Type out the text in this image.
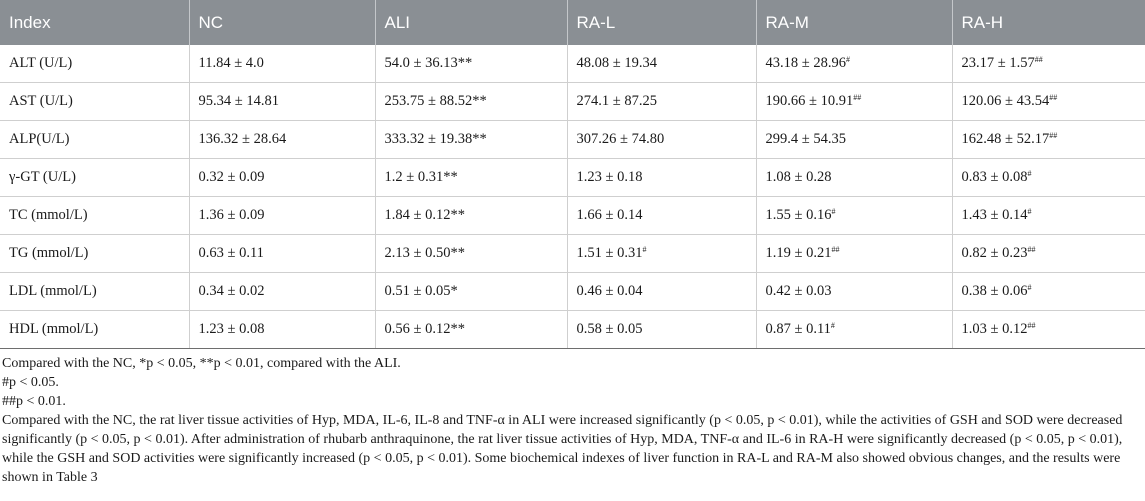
Index	NC	ALI	RA-L	RA-M	RA-H
ALT (U/L)	11.84 ± 4.0	54.0 ± 36.13**	48.08 ± 19.34	43.18 ± 28.96#	23.17 ± 1.57##
AST (U/L)	95.34 ± 14.81	253.75 ± 88.52**	274.1 ± 87.25	190.66 ± 10.91##	120.06 ± 43.54##
ALP(U/L)	136.32 ± 28.64	333.32 ± 19.38**	307.26 ± 74.80	299.4 ± 54.35	162.48 ± 52.17##
γ-GT (U/L)	0.32 ± 0.09	1.2 ± 0.31**	1.23 ± 0.18	1.08 ± 0.28	0.83 ± 0.08#
TC (mmol/L)	1.36 ± 0.09	1.84 ± 0.12**	1.66 ± 0.14	1.55 ± 0.16#	1.43 ± 0.14#
TG (mmol/L)	0.63 ± 0.11	2.13 ± 0.50**	1.51 ± 0.31#	1.19 ± 0.21##	0.82 ± 0.23##
LDL (mmol/L)	0.34 ± 0.02	0.51 ± 0.05*	0.46 ± 0.04	0.42 ± 0.03	0.38 ± 0.06#
HDL (mmol/L)	1.23 ± 0.08	0.56 ± 0.12**	0.58 ± 0.05	0.87 ± 0.11#	1.03 ± 0.12##

Compared with the NC, *p < 0.05, **p < 0.01, compared with the ALI.

#p < 0.05.

##p < 0.01.

Compared with the NC, the rat liver tissue activities of Hyp, MDA, IL-6, IL-8 and TNF-α in ALI were increased significantly (p < 0.05, p < 0.01), while the activities of GSH and SOD were decreased significantly (p < 0.05, p < 0.01). After administration of rhubarb anthraquinone, the rat liver tissue activities of Hyp, MDA, TNF-α and IL-6 in RA-H were significantly decreased (p < 0.05, p < 0.01), while the GSH and SOD activities were significantly increased (p < 0.05, p < 0.01). Some biochemical indexes of liver function in RA-L and RA-M also showed obvious changes, and the results were shown in Table 3
